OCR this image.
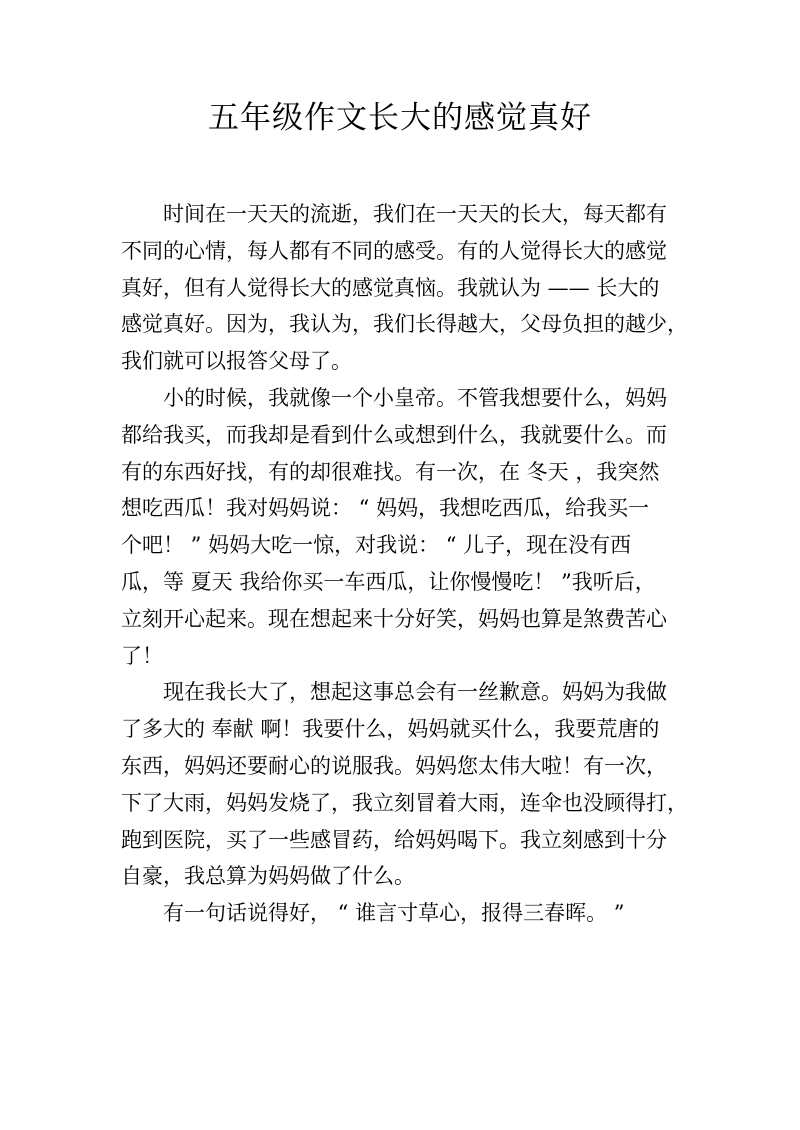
五年级作文长大的感觉真好
时间在一天天的流逝，我们在一天天的长大，每天都有
不同的心情，每人都有不同的感受。有的人觉得长大的感觉
真好，但有人觉得长大的感觉真恼。我就认为 —— 长大的
感觉真好。因为，我认为，我们长得越大，父母负担的越少，
我们就可以报答父母了。
小的时候，我就像一个小皇帝。不管我想要什么，妈妈
都给我买，而我却是看到什么或想到什么，我就要什么。而
有的东西好找，有的却很难找。有一次，在 冬天 ，我突然
想吃西瓜！我对妈妈说： “ 妈妈，我想吃西瓜，给我买一
个吧！ ” 妈妈大吃一惊，对我说： “ 儿子，现在没有西
瓜，等 夏天 我给你买一车西瓜，让你慢慢吃！ ”我听后，
立刻开心起来。现在想起来十分好笑，妈妈也算是煞费苦心
了！
现在我长大了，想起这事总会有一丝歉意。妈妈为我做
了多大的 奉献 啊！我要什么，妈妈就买什么，我要荒唐的
东西，妈妈还要耐心的说服我。妈妈您太伟大啦！有一次，
下了大雨，妈妈发烧了，我立刻冒着大雨，连伞也没顾得打，
跑到医院，买了一些感冒药，给妈妈喝下。我立刻感到十分
自豪，我总算为妈妈做了什么。
有一句话说得好， “ 谁言寸草心，报得三春晖。 ”
